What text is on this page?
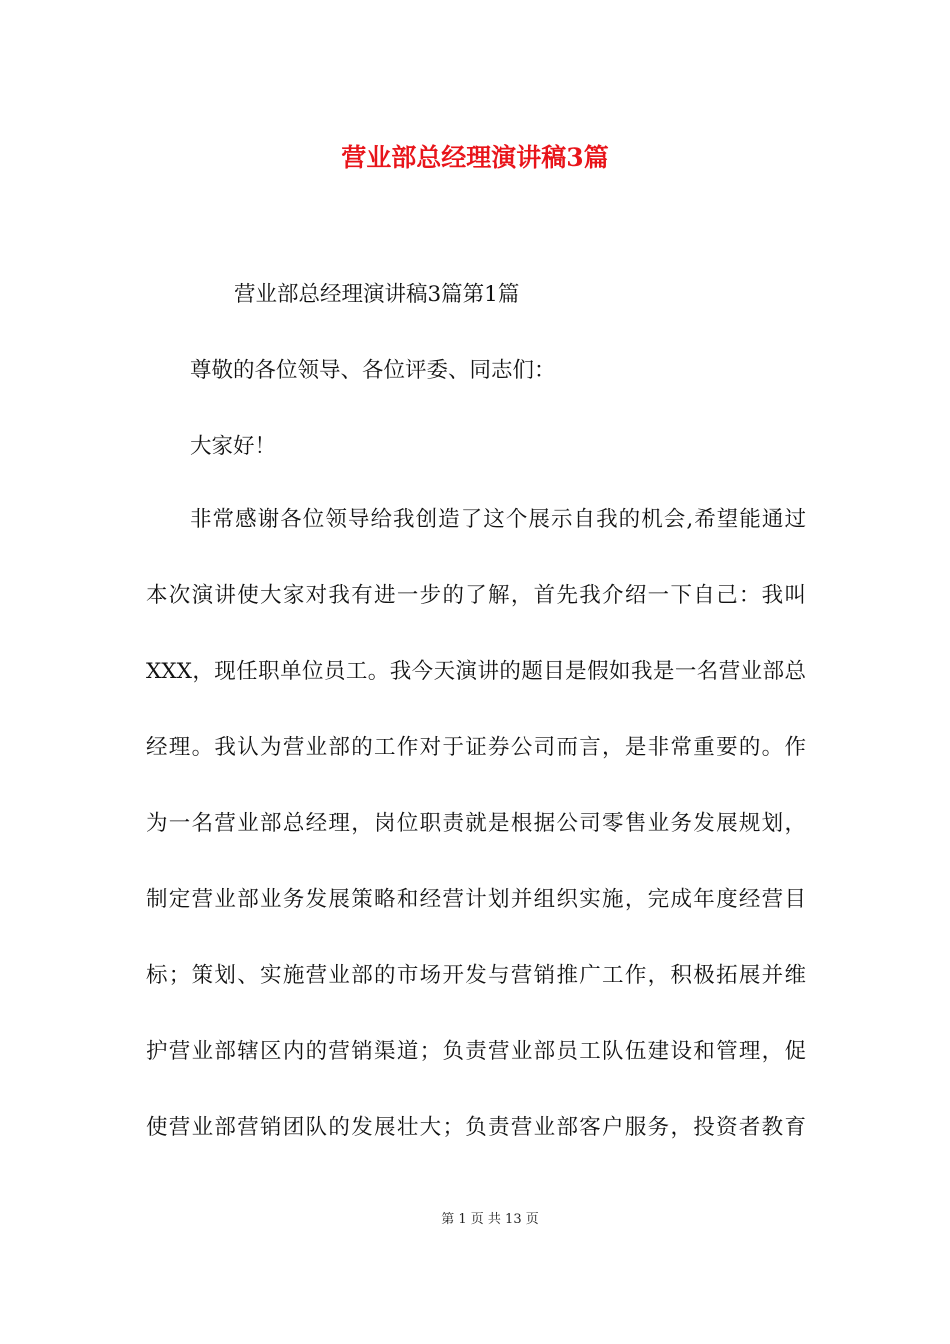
营业部总经理演讲稿3篇
营业部总经理演讲稿3篇第1篇
尊敬的各位领导、各位评委、同志们：
大家好！
非常感谢各位领导给我创造了这个展示自我的机会,希望能通过
本次演讲使大家对我有进一步的了解，首先我介绍一下自己：我叫
XXX，现任职单位员工。我今天演讲的题目是假如我是一名营业部总
经理。我认为营业部的工作对于证券公司而言，是非常重要的。作
为一名营业部总经理，岗位职责就是根据公司零售业务发展规划，
制定营业部业务发展策略和经营计划并组织实施，完成年度经营目
标；策划、实施营业部的市场开发与营销推广工作，积极拓展并维
护营业部辖区内的营销渠道；负责营业部员工队伍建设和管理，促
使营业部营销团队的发展壮大；负责营业部客户服务，投资者教育
第 1 页 共 13 页
